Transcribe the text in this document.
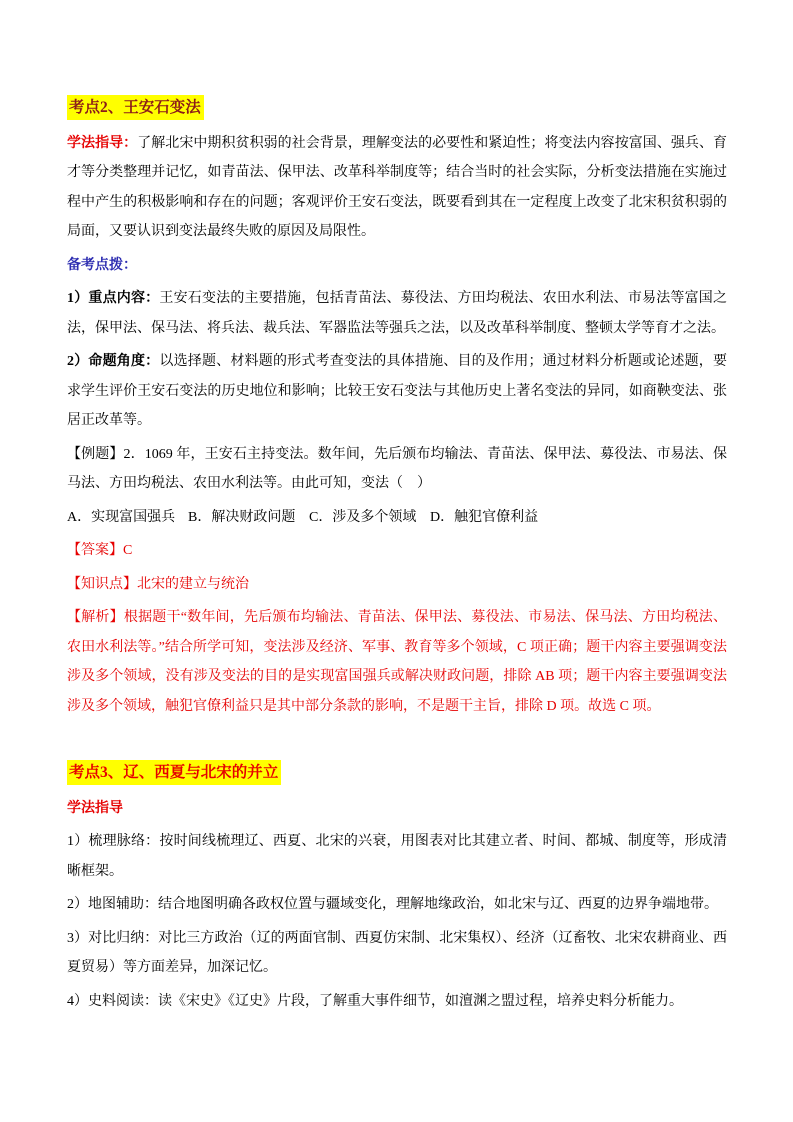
考点2、王安石变法

学法指导：了解北宋中期积贫积弱的社会背景，理解变法的必要性和紧迫性；将变法内容按富国、强兵、育才等分类整理并记忆，如青苗法、保甲法、改革科举制度等；结合当时的社会实际，分析变法措施在实施过程中产生的积极影响和存在的问题；客观评价王安石变法，既要看到其在一定程度上改变了北宋积贫积弱的局面，又要认识到变法最终失败的原因及局限性。

备考点拨：

1）重点内容：王安石变法的主要措施，包括青苗法、募役法、方田均税法、农田水利法、市易法等富国之法，保甲法、保马法、将兵法、裁兵法、军器监法等强兵之法，以及改革科举制度、整顿太学等育才之法。

2）命题角度：以选择题、材料题的形式考查变法的具体措施、目的及作用；通过材料分析题或论述题，要求学生评价王安石变法的历史地位和影响；比较王安石变法与其他历史上著名变法的异同，如商鞅变法、张居正改革等。

【例题】2．1069 年，王安石主持变法。数年间，先后颁布均输法、青苗法、保甲法、募役法、市易法、保马法、方田均税法、农田水利法等。由此可知，变法（　）

A．实现富国强兵 B．解决财政问题 C．涉及多个领域 D．触犯官僚利益

【答案】C

【知识点】北宋的建立与统治

【解析】根据题干“数年间，先后颁布均输法、青苗法、保甲法、募役法、市易法、保马法、方田均税法、农田水利法等。”结合所学可知，变法涉及经济、军事、教育等多个领域，C 项正确；题干内容主要强调变法涉及多个领域，没有涉及变法的目的是实现富国强兵或解决财政问题，排除 AB 项；题干内容主要强调变法涉及多个领域，触犯官僚利益只是其中部分条款的影响，不是题干主旨，排除 D 项。故选 C 项。

考点3、辽、西夏与北宋的并立

学法指导

1）梳理脉络：按时间线梳理辽、西夏、北宋的兴衰，用图表对比其建立者、时间、都城、制度等，形成清晰框架。

2）地图辅助：结合地图明确各政权位置与疆域变化，理解地缘政治，如北宋与辽、西夏的边界争端地带。

3）对比归纳：对比三方政治（辽的两面官制、西夏仿宋制、北宋集权）、经济（辽畜牧、北宋农耕商业、西夏贸易）等方面差异，加深记忆。

4）史料阅读：读《宋史》《辽史》片段，了解重大事件细节，如澶渊之盟过程，培养史料分析能力。
